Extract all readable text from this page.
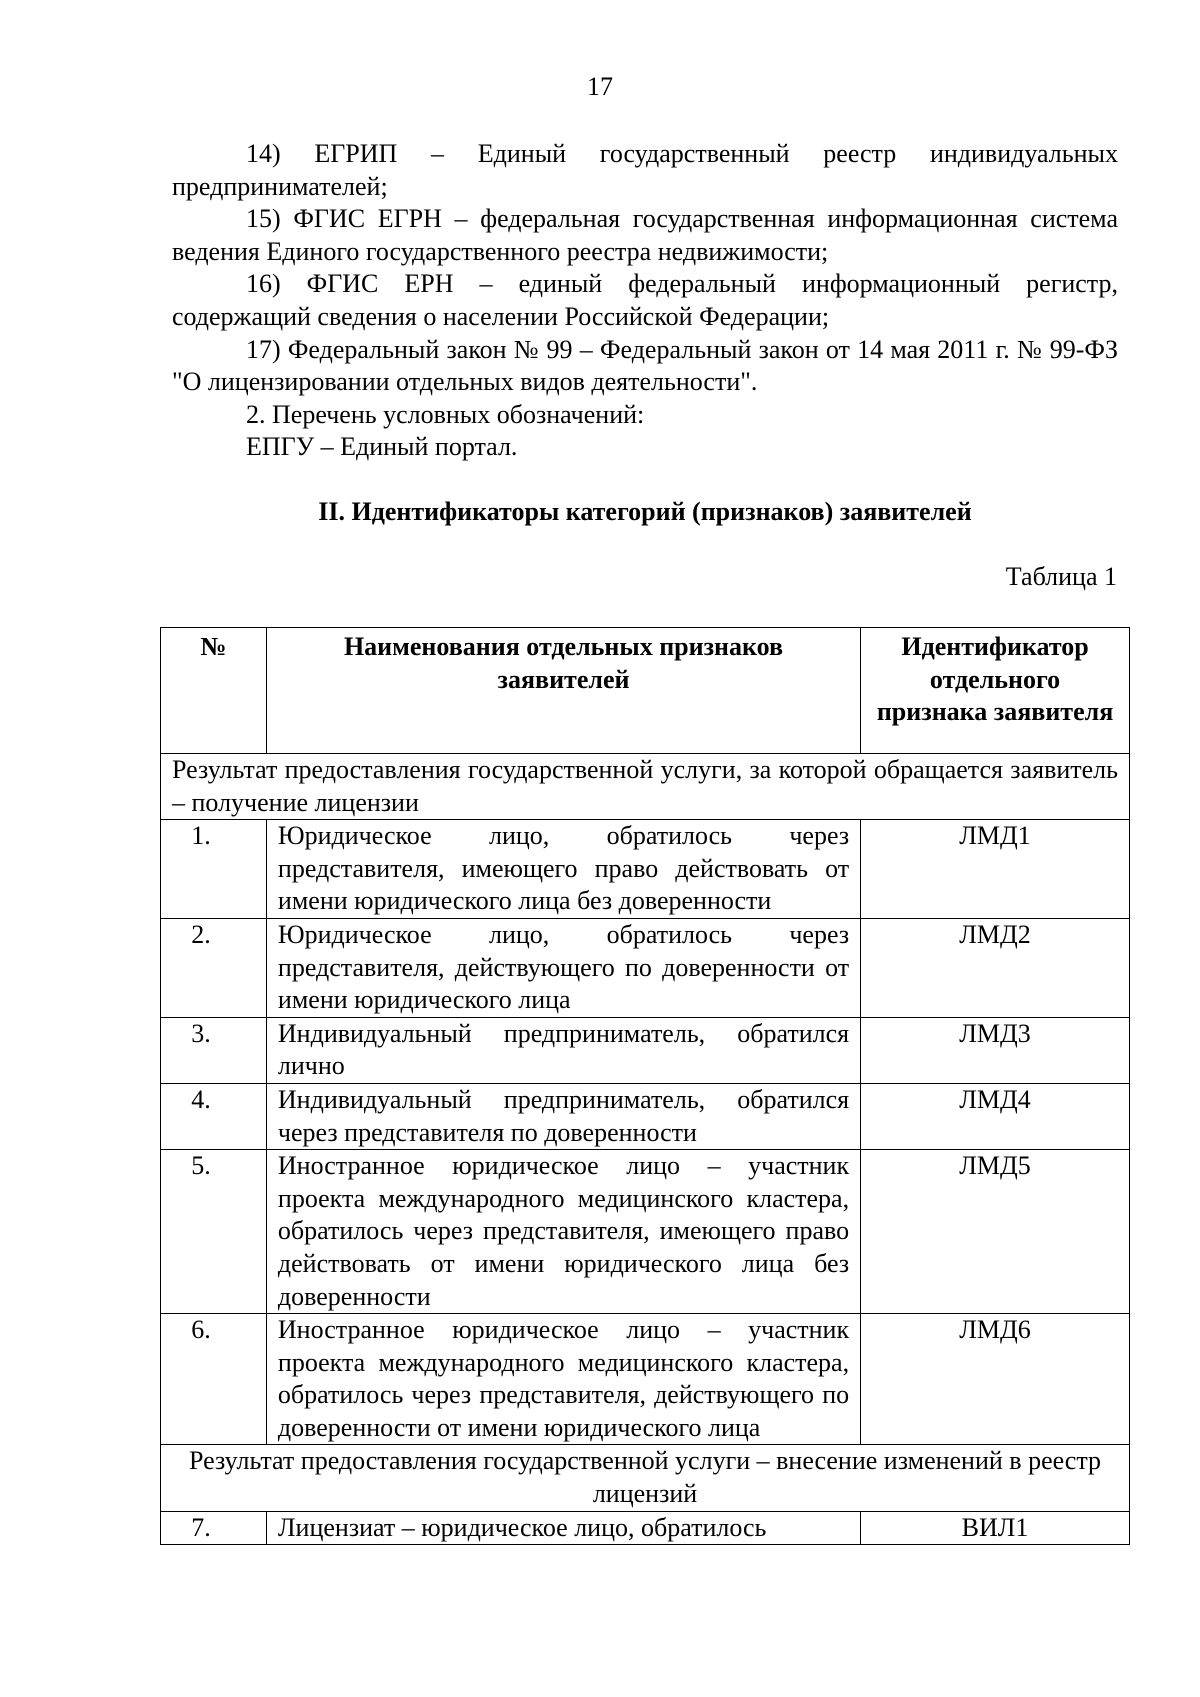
17

14) ЕГРИП – Единый государственный реестр индивидуальных предпринимателей;

15) ФГИС ЕГРН – федеральная государственная информационная система ведения Единого государственного реестра недвижимости;

16) ФГИС ЕРН – единый федеральный информационный регистр, содержащий сведения о населении Российской Федерации;

17) Федеральный закон № 99 – Федеральный закон от 14 мая 2011 г. № 99-ФЗ "О лицензировании отдельных видов деятельности".

2. Перечень условных обозначений:

ЕПГУ – Единый портал.

II. Идентификаторы категорий (признаков) заявителей
Таблица 1
№	Наименования отдельных признаков заявителей	Идентификатор отдельного признака заявителя
Результат предоставления государственной услуги, за которой обращается заявитель – получение лицензии		
1.	Юридическое лицо, обратилось через представителя, имеющего право действовать от имени юридического лица без доверенности	ЛМД1
2.	Юридическое лицо, обратилось через представителя, действующего по доверенности от имени юридического лица	ЛМД2
3.	Индивидуальный предприниматель, обратился лично	ЛМД3
4.	Индивидуальный предприниматель, обратился через представителя по доверенности	ЛМД4
5.	Иностранное юридическое лицо – участник проекта международного медицинского кластера, обратилось через представителя, имеющего право действовать от имени юридического лица без доверенности	ЛМД5
6.	Иностранное юридическое лицо – участник проекта международного медицинского кластера, обратилось через представителя, действующего по доверенности от имени юридического лица	ЛМД6
Результат предоставления государственной услуги – внесение изменений в реестр лицензий		
7.	Лицензиат – юридическое лицо, обратилось	ВИЛ1
